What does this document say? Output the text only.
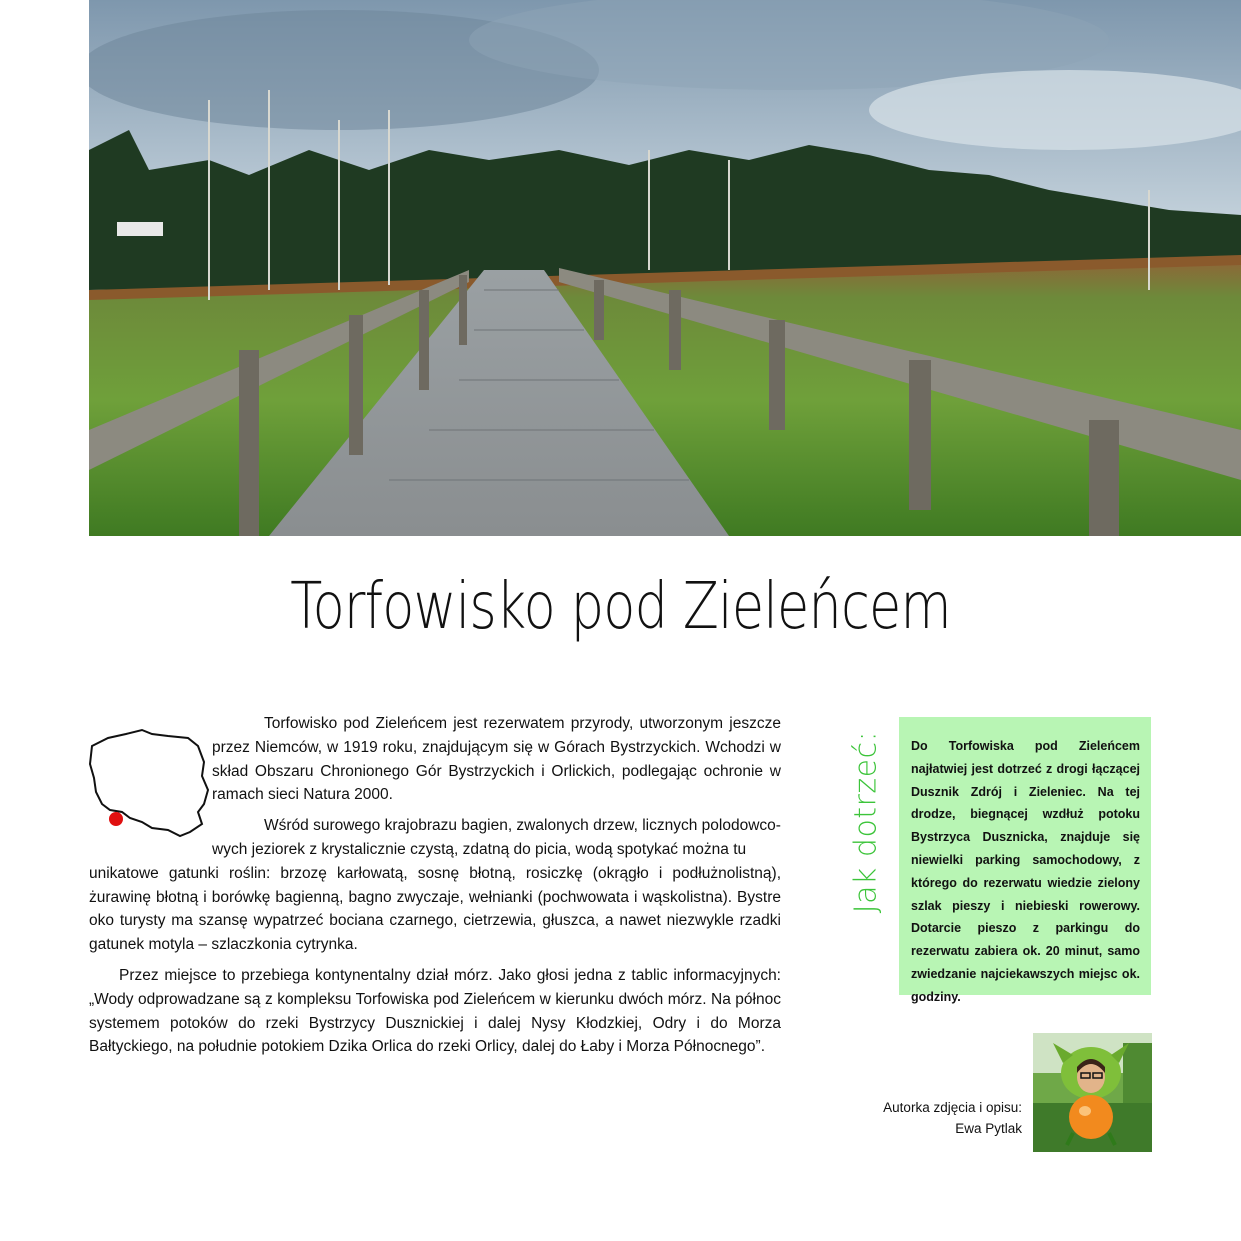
Torfowisko pod Zieleńcem

Torfowisko pod Zieleńcem jest rezerwatem przyrody, utworzonym jeszcze przez Niemców, w 1919 roku, znajdującym się w Górach Bystrzyckich. Wchodzi w skład Obszaru Chronionego Gór Bystrzyckich i Orlickich, podlegając ochronie w ramach sieci Natura 2000.

Wśród surowego krajobrazu bagien, zwalonych drzew, licznych polodowco-

wych jeziorek z krystalicznie czystą, zdatną do picia, wodą spotykać można tu

unikatowe gatunki roślin: brzozę karłowatą, sosnę błotną, rosiczkę (okrągło i podłużnolistną), żurawinę błotną i borówkę bagienną, bagno zwyczaje, wełnianki (pochwowata i wąskolistna). Bystre oko turysty ma szansę wypatrzeć bociana czarnego, cietrzewia, głuszca, a nawet niezwykle rzadki gatunek motyla – szlaczkonia cytrynka.

Przez miejsce to przebiega kontynentalny dział mórz. Jako głosi jedna z tablic informacyjnych: „Wody odprowadzane są z kompleksu Torfowiska pod Zieleńcem w kierunku dwóch mórz. Na północ systemem potoków do rzeki Bystrzycy Dusznickiej i dalej Nysy Kłodzkiej, Odry i do Morza Bałtyckiego, na południe potokiem Dzika Orlica do rzeki Orlicy, dalej do Łaby i Morza Północnego”.

Jak dotrzeć:	Do Torfowiska pod Zieleńcem najłatwiej jest dotrzeć z drogi łączącej Dusznik Zdrój i Zieleniec. Na tej drodze, biegnącej wzdłuż potoku Bystrzyca Dusznicka, znajduje się niewielki parking samochodowy, z którego do rezerwatu wiedzie zielony szlak pieszy i niebieski rowerowy. Dotarcie pieszo z parkingu do rezerwatu zabiera ok. 20 minut, samo zwiedzanie najciekawszych miejsc ok. godziny.
Autorka zdjęcia i opisu:
Ewa Pytlak
